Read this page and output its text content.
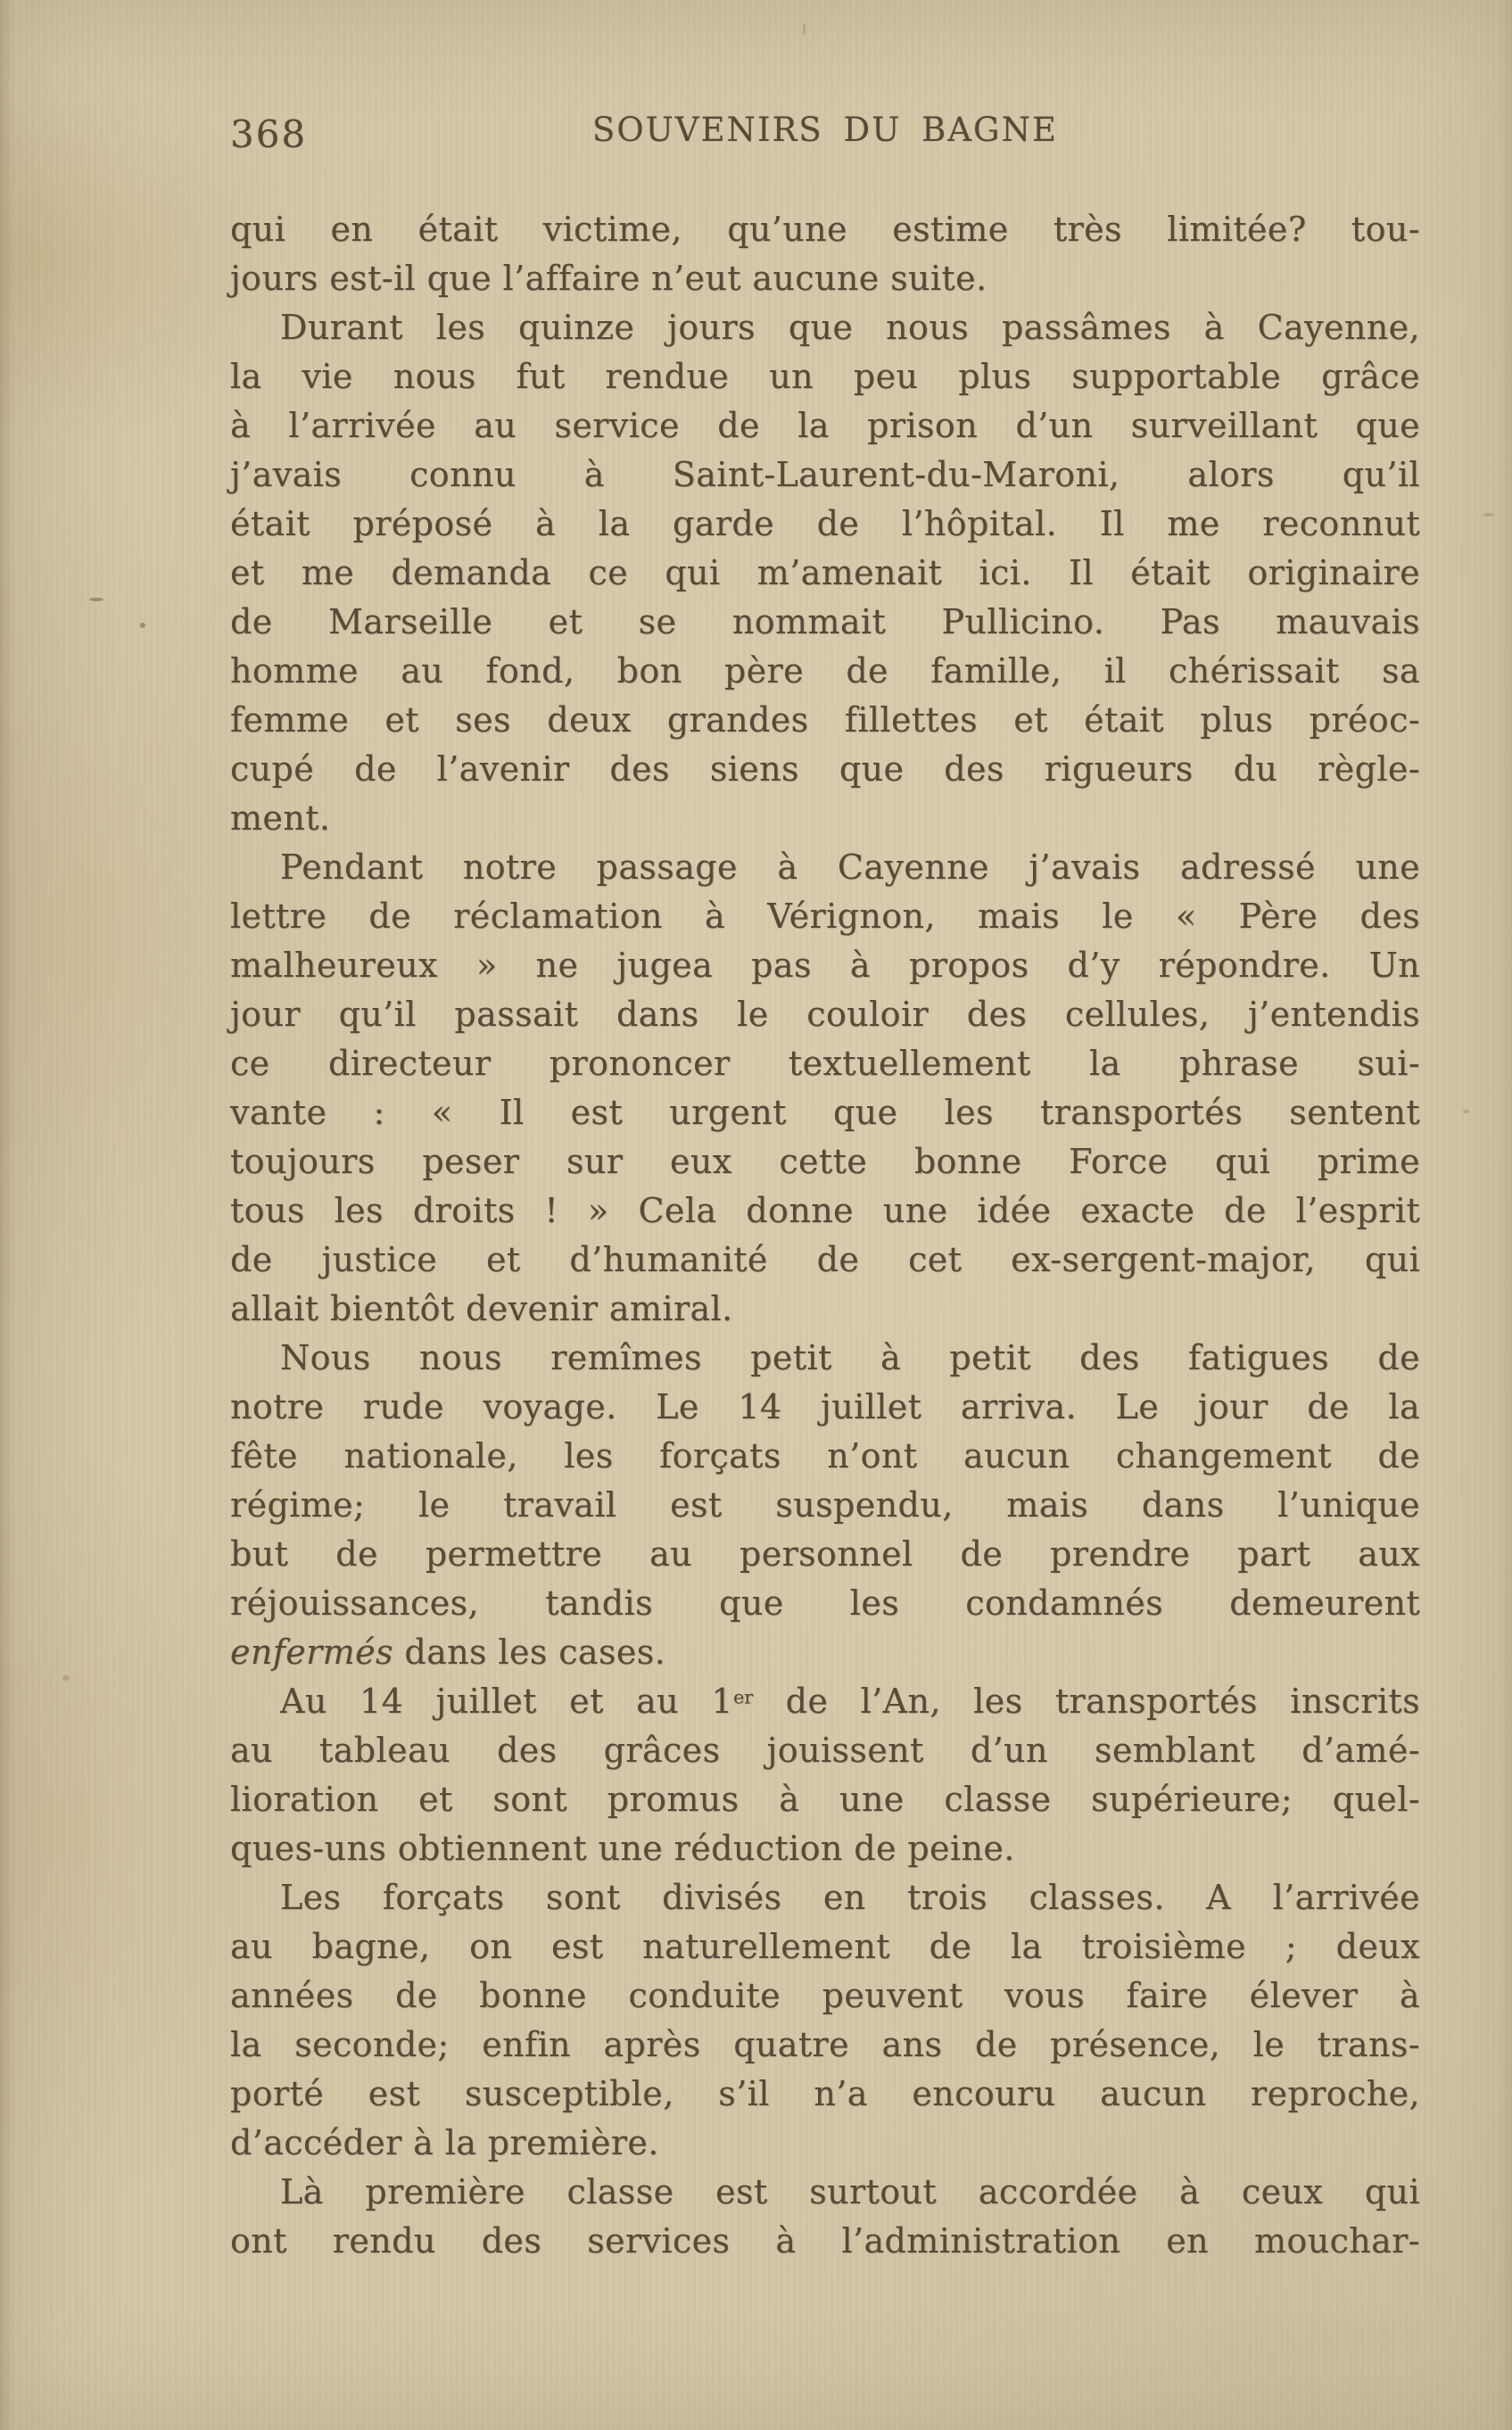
368	SOUVENIRS DU BAGNE
qui en était victime, qu’une estime très limitée? tou-
jours est-il que l’affaire n’eut aucune suite.
Durant les quinze jours que nous passâmes à Cayenne,
la vie nous fut rendue un peu plus supportable grâce
à l’arrivée au service de la prison d’un surveillant que
j’avais connu à Saint-Laurent-du-Maroni, alors qu’il
était préposé à la garde de l’hôpital. Il me reconnut
et me demanda ce qui m’amenait ici. Il était originaire
de Marseille et se nommait Pullicino. Pas mauvais
homme au fond, bon père de famille, il chérissait sa
femme et ses deux grandes fillettes et était plus préoc-
cupé de l’avenir des siens que des rigueurs du règle-
ment.
Pendant notre passage à Cayenne j’avais adressé une
lettre de réclamation à Vérignon, mais le « Père des
malheureux » ne jugea pas à propos d’y répondre. Un
jour qu’il passait dans le couloir des cellules, j’entendis
ce directeur prononcer textuellement la phrase sui-
vante : « Il est urgent que les transportés sentent
toujours peser sur eux cette bonne Force qui prime
tous les droits ! » Cela donne une idée exacte de l’esprit
de justice et d’humanité de cet ex-sergent-major, qui
allait bientôt devenir amiral.
Nous nous remîmes petit à petit des fatigues de
notre rude voyage. Le 14 juillet arriva. Le jour de la
fête nationale, les forçats n’ont aucun changement de
régime; le travail est suspendu, mais dans l’unique
but de permettre au personnel de prendre part aux
réjouissances, tandis que les condamnés demeurent
enfermés dans les cases.
Au 14 juillet et au 1er de l’An, les transportés inscrits
au tableau des grâces jouissent d’un semblant d’amé-
lioration et sont promus à une classe supérieure; quel-
ques-uns obtiennent une réduction de peine.
Les forçats sont divisés en trois classes. A l’arrivée
au bagne, on est naturellement de la troisième ; deux
années de bonne conduite peuvent vous faire élever à
la seconde; enfin après quatre ans de présence, le trans-
porté est susceptible, s’il n’a encouru aucun reproche,
d’accéder à la première.
Là première classe est surtout accordée à ceux qui
ont rendu des services à l’administration en mouchar-
